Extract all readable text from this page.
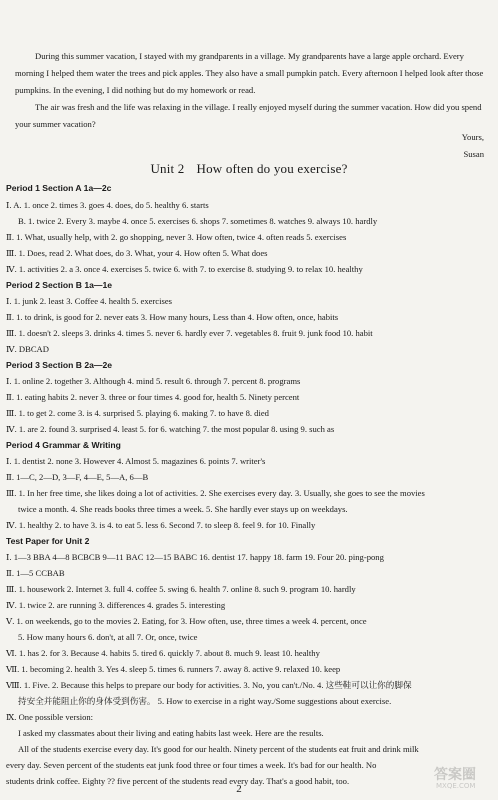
During this summer vacation, I stayed with my grandparents in a village. My grandparents have a large apple orchard. Every morning I helped them water the trees and pick apples. They also have a small pumpkin patch. Every afternoon I helped look after those pumpkins. In the evening, I did nothing but do my homework or read.

The air was fresh and the life was relaxing in the village. I really enjoyed myself during the summer vacation. How did you spend your summer vacation?

Yours,
Susan
Unit 2 How often do you exercise?
Period 1 Section A 1a—2c
Ⅰ. A. 1. once 2. times 3. goes 4. does, do 5. healthy 6. starts
B. 1. twice 2. Every 3. maybe 4. once 5. exercises 6. shops 7. sometimes 8. watches 9. always 10. hardly
Ⅱ. 1. What, usually help, with 2. go shopping, never 3. How often, twice 4. often reads 5. exercises
Ⅲ. 1. Does, read 2. What does, do 3. What, your 4. How often 5. What does
Ⅳ. 1. activities 2. a 3. once 4. exercises 5. twice 6. with 7. to exercise 8. studying 9. to relax 10. healthy
Period 2 Section B 1a—1e
Ⅰ. 1. junk 2. least 3. Coffee 4. health 5. exercises
Ⅱ. 1. to drink, is good for 2. never eats 3. How many hours, Less than 4. How often, once, habits
Ⅲ. 1. doesn't 2. sleeps 3. drinks 4. times 5. never 6. hardly ever 7. vegetables 8. fruit 9. junk food 10. habit
Ⅳ. DBCAD
Period 3 Section B 2a—2e
Ⅰ. 1. online 2. together 3. Although 4. mind 5. result 6. through 7. percent 8. programs
Ⅱ. 1. eating habits 2. never 3. three or four times 4. good for, health 5. Ninety percent
Ⅲ. 1. to get 2. come 3. is 4. surprised 5. playing 6. making 7. to have 8. died
Ⅳ. 1. are 2. found 3. surprised 4. least 5. for 6. watching 7. the most popular 8. using 9. such as
Period 4 Grammar & Writing
Ⅰ. 1. dentist 2. none 3. However 4. Almost 5. magazines 6. points 7. writer's
Ⅱ. 1—C, 2—D, 3—F, 4—E, 5—A, 6—B
Ⅲ. 1. In her free time, she likes doing a lot of activities. 2. She exercises every day. 3. Usually, she goes to see the movies
twice a month. 4. She reads books three times a week. 5. She hardly ever stays up on weekdays.
Ⅳ. 1. healthy 2. to have 3. is 4. to eat 5. less 6. Second 7. to sleep 8. feel 9. for 10. Finally
Test Paper for Unit 2
Ⅰ. 1—3 BBA 4—8 BCBCB 9—11 BAC 12—15 BABC 16. dentist 17. happy 18. farm 19. Four 20. ping-pong
Ⅱ. 1—5 CCBAB
Ⅲ. 1. housework 2. Internet 3. full 4. coffee 5. swing 6. health 7. online 8. such 9. program 10. hardly
Ⅳ. 1. twice 2. are running 3. differences 4. grades 5. interesting
Ⅴ. 1. on weekends, go to the movies 2. Eating, for 3. How often, use, three times a week 4. percent, once
5. How many hours 6. don't, at all 7. Or, once, twice
Ⅵ. 1. has 2. for 3. Because 4. habits 5. tired 6. quickly 7. about 8. much 9. least 10. healthy
Ⅶ. 1. becoming 2. health 3. Yes 4. sleep 5. times 6. runners 7. away 8. active 9. relaxed 10. keep
Ⅷ. 1. Five. 2. Because this helps to prepare our body for activities. 3. No, you can't./No. 4. 这些鞋可以让你的脚保
持安全并能阻止你的身体受到伤害。 5. How to exercise in a right way./Some suggestions about exercise.
Ⅸ. One possible version:
I asked my classmates about their living and eating habits last week. Here are the results.
All of the students exercise every day. It's good for our health. Ninety percent of the students eat fruit and drink milk
every day. Seven percent of the students eat junk food three or four times a week. It's bad for our health. No
students drink coffee. Eighty ?? five percent of the students read every day. That's a good habit, too.
2
答案圈
MXQE.COM
